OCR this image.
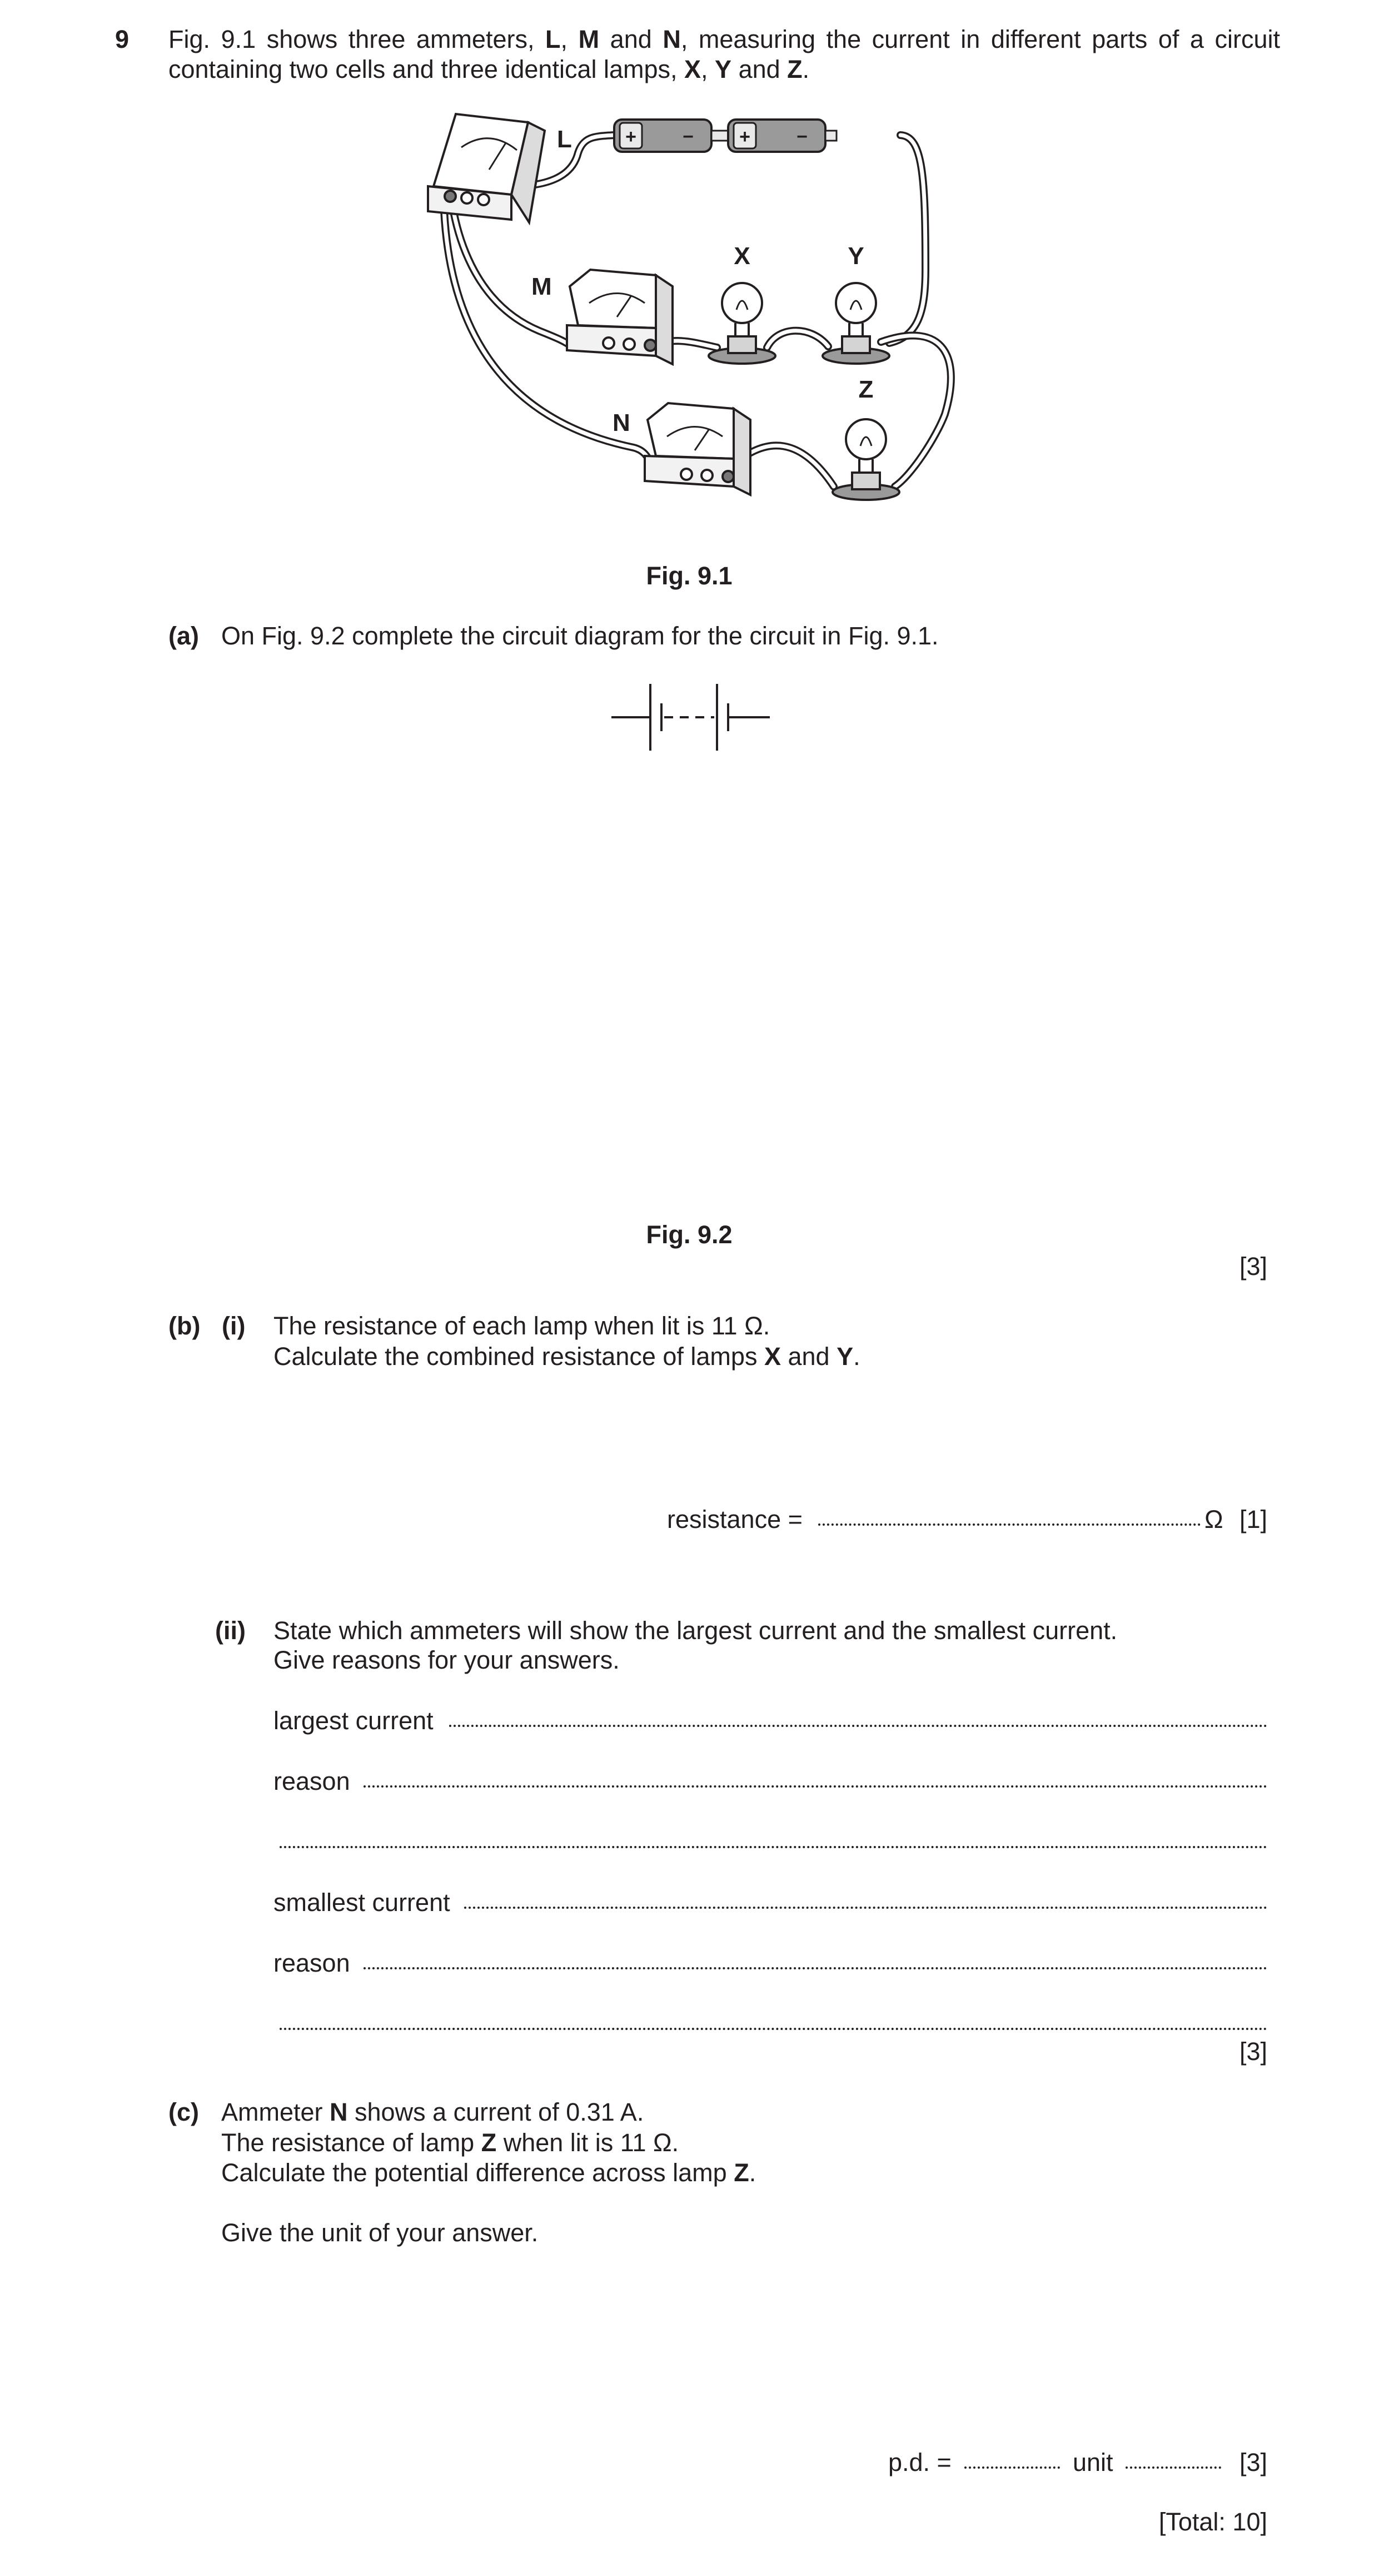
9 Fig. 9.1 shows three ammeters, L, M and N, measuring the current in different parts of a circuit
containing two cells and three identical lamps, X, Y and Z.
+ − + −
L
M
N
X	Y
Z
Fig. 9.1
(a) On Fig. 9.2 complete the circuit diagram for the circuit in Fig. 9.1.
Fig. 9.2
[3]
(b) (i) The resistance of each lamp when lit is 11 Ω.
Calculate the combined resistance of lamps X and Y.
resistance =	Ω [1]
(ii) State which ammeters will show the largest current and the smallest current.
Give reasons for your answers.
largest current
reason
smallest current
reason
[3]
(c) Ammeter N shows a current of 0.31 A.
The resistance of lamp Z when lit is 11 Ω.
Calculate the potential difference across lamp Z.
Give the unit of your answer.
p.d. =	unit	[3]
[Total: 10]
